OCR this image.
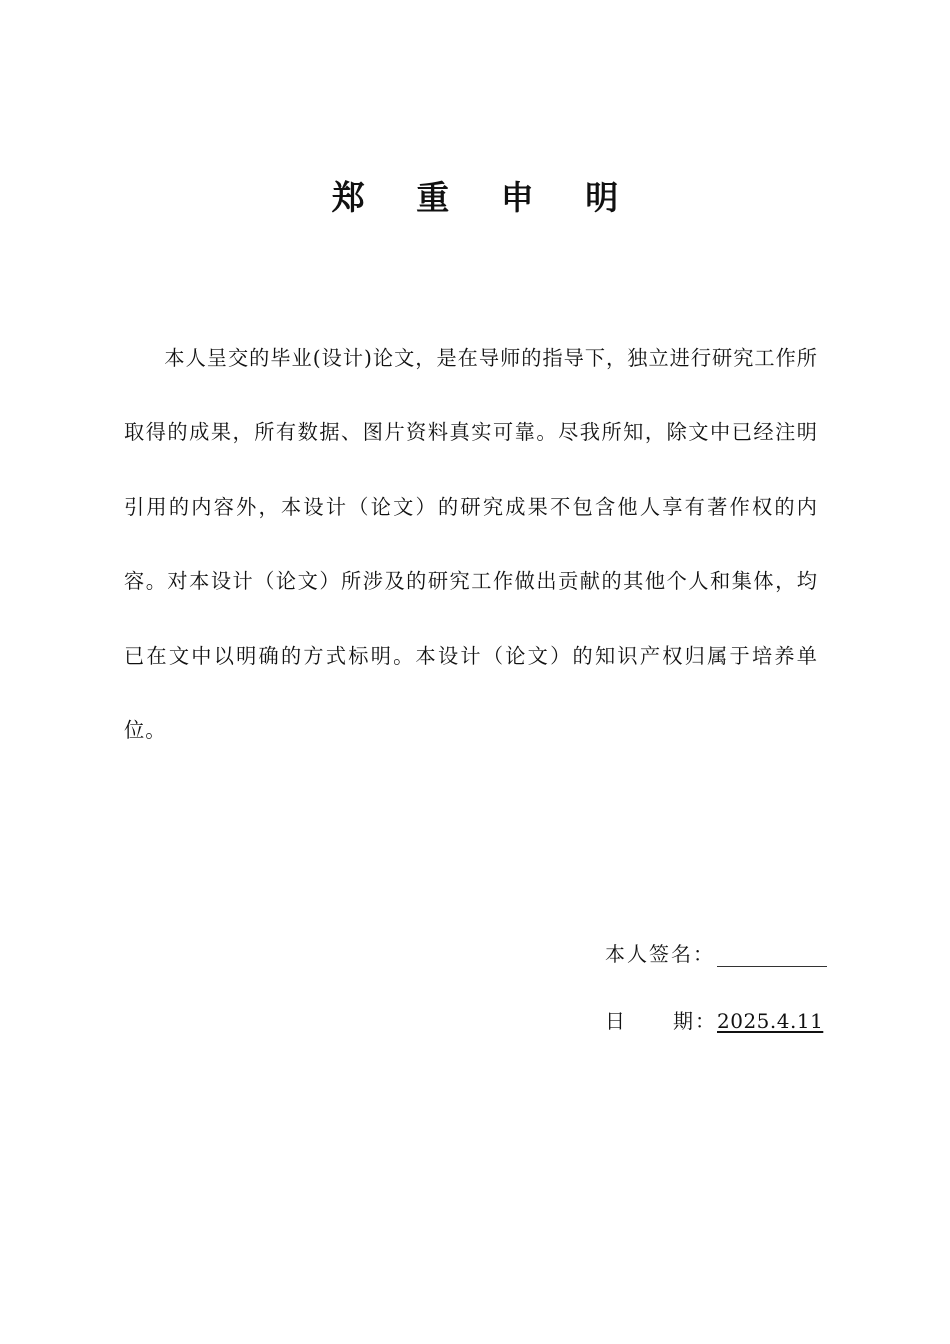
郑 重 申 明

本人呈交的毕业(设计)论文，是在导师的指导下，独立进行研究工作所取得的成果，所有数据、图片资料真实可靠。尽我所知，除文中已经注明引用的内容外，本设计（论文）的研究成果不包含他人享有著作权的内容。对本设计（论文）所涉及的研究工作做出贡献的其他个人和集体，均已在文中以明确的方式标明。本设计（论文）的知识产权归属于培养单位。

本人签名：
日 期：2025.4.11
